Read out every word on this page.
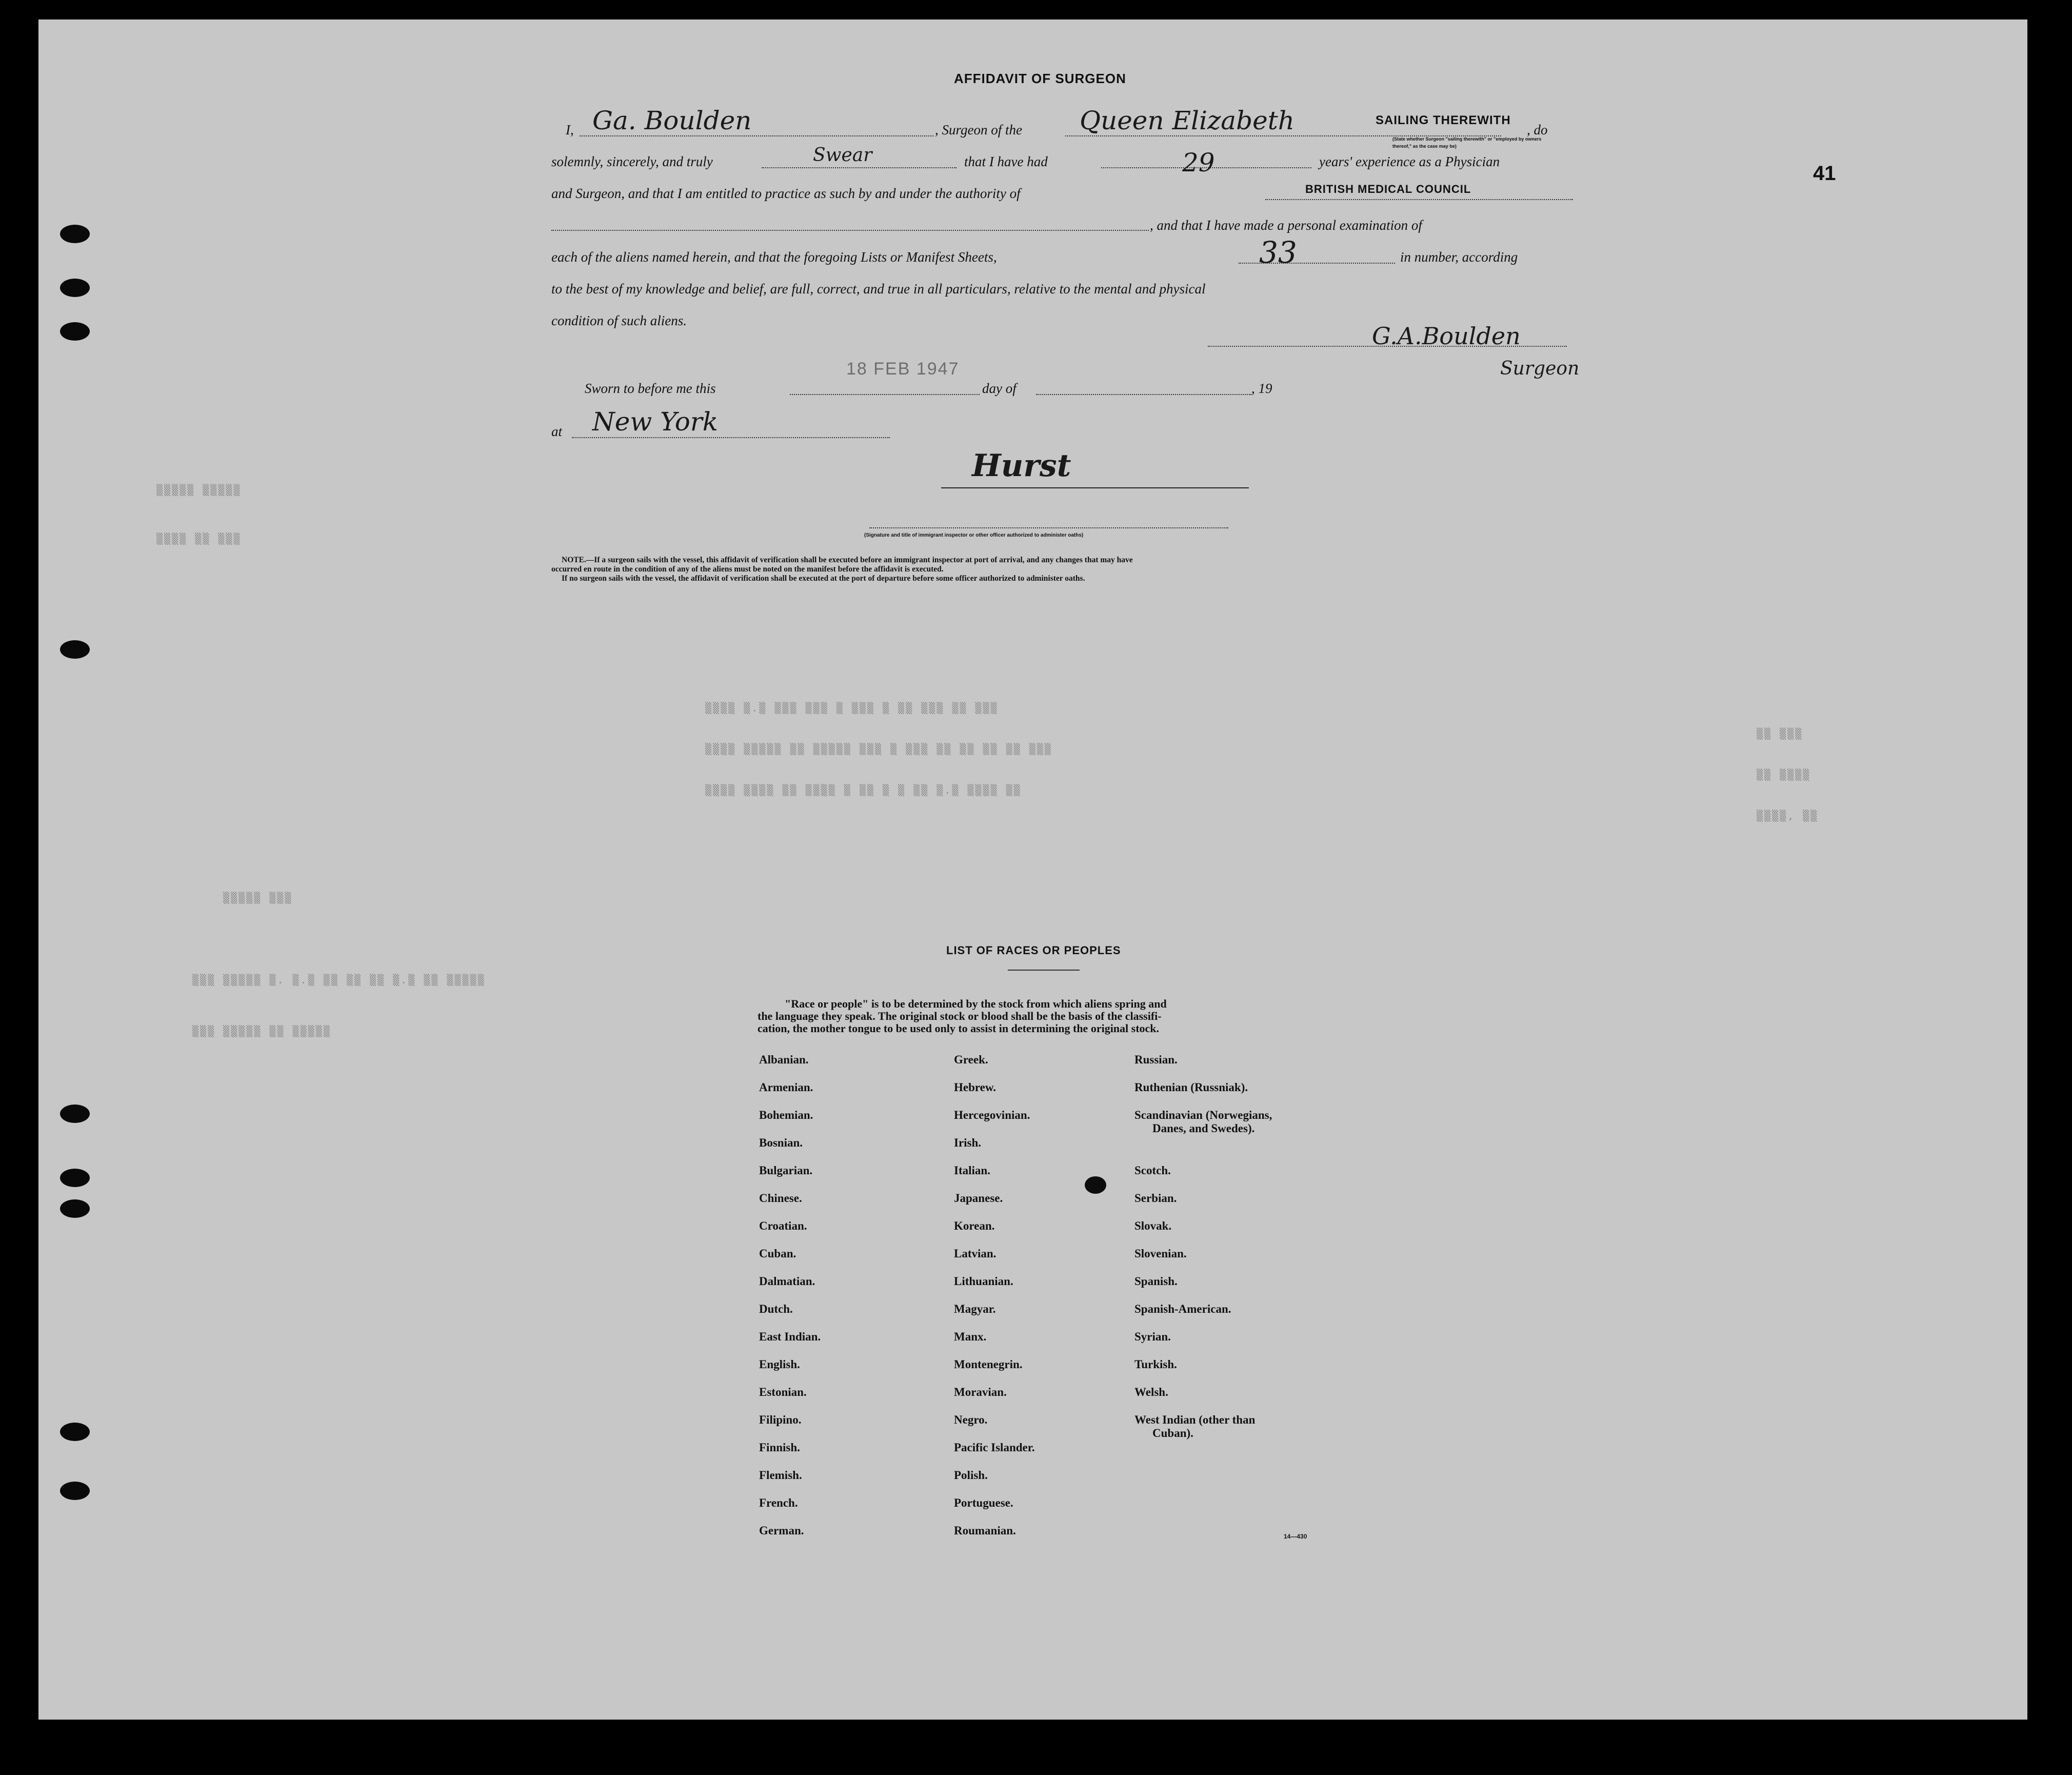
41
▒▒▒▒▒ ▒▒▒▒▒
▒▒▒▒ ▒▒ ▒▒▒
▒▒▒▒ ▒.▒ ▒▒▒ ▒▒▒ ▒ ▒▒▒ ▒ ▒▒ ▒▒▒ ▒▒ ▒▒▒
▒▒▒▒ ▒▒▒▒▒ ▒▒ ▒▒▒▒▒ ▒▒▒ ▒ ▒▒▒ ▒▒ ▒▒ ▒▒ ▒▒ ▒▒▒
▒▒▒▒ ▒▒▒▒ ▒▒ ▒▒▒▒ ▒ ▒▒ ▒ ▒ ▒▒ ▒.▒ ▒▒▒▒ ▒▒
▒▒▒▒▒ ▒▒▒
▒▒▒ ▒▒▒▒▒ ▒. ▒.▒ ▒▒ ▒▒ ▒▒ ▒.▒ ▒▒ ▒▒▒▒▒
▒▒▒ ▒▒▒▒▒ ▒▒ ▒▒▒▒▒
▒▒ ▒▒▒
▒▒ ▒▒▒▒
▒▒▒▒, ▒▒
AFFIDAVIT OF SURGEON
I, Ga. Boulden	, Surgeon of the Queen Elizabeth	SAILING THEREWITH
, do
(State whether Surgeon "sailing therewith" or "employed by owners thereof," as the case may be)
solemnly, sincerely, and truly	Swear	that I have had	29	years' experience as a Physician
and Surgeon, and that I am entitled to practice as such by and under the authority of	BRITISH MEDICAL COUNCIL
, and that I have made a personal examination of
each of the aliens named herein, and that the foregoing Lists or Manifest Sheets,	33	in number, according
to the best of my knowledge and belief, are full, correct, and true in all particulars, relative to the mental and physical
condition of such aliens.
G.A.Boulden
Surgeon
18 FEB 1947
Sworn to before me this	day of	, 19
at New York
Hurst
(Signature and title of immigrant inspector or other officer authorized to administer oaths)
NOTE.—If a surgeon sails with the vessel, this affidavit of verification shall be executed before an immigrant inspector at port of arrival, and any changes that may have
occurred en route in the condition of any of the aliens must be noted on the manifest before the affidavit is executed.
If no surgeon sails with the vessel, the affidavit of verification shall be executed at the port of departure before some officer authorized to administer oaths.
LIST OF RACES OR PEOPLES
"Race or people" is to be determined by the stock from which aliens spring and
the language they speak. The original stock or blood shall be the basis of the classifi-
cation, the mother tongue to be used only to assist in determining the original stock.
Albanian.
Armenian.
Bohemian.
Bosnian.
Bulgarian.
Chinese.
Croatian.
Cuban.
Dalmatian.
Dutch.
East Indian.
English.
Estonian.
Filipino.
Finnish.
Flemish.
French.
German.
Greek.
Hebrew.
Hercegovinian.
Irish.
Italian.
Japanese.
Korean.
Latvian.
Lithuanian.
Magyar.
Manx.
Montenegrin.
Moravian.
Negro.
Pacific Islander.
Polish.
Portuguese.
Roumanian.
Russian.
Ruthenian (Russniak).
Scandinavian (Norwegians,
Danes, and Swedes).
Scotch.
Serbian.
Slovak.
Slovenian.
Spanish.
Spanish-American.
Syrian.
Turkish.
Welsh.
West Indian (other than
Cuban).
14—430
